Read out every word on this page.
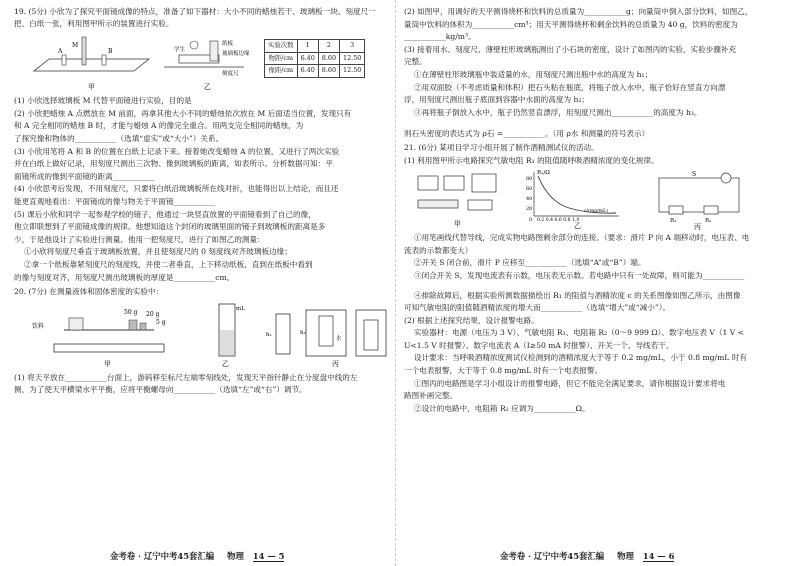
19. (5分) 小欣为了探究平面镜成像的特点，准备了如下器材：大小不同的蜡烛若干、玻璃板一块、刻度尺一把、白纸一张，利用图甲所示的装置进行实验。

M
A	B
甲
纸板
玻璃板边缘
刻度尺
学生
乙
实验次数	1	2	3
物距/cm	6.40	8.60	12.50
像距/cm	6.40	8.60	12.50

(1) 小欣选择玻璃板 M 代替平面镜进行实验，目的是

(2) 小欣把蜡烛 A 点燃放在 M 前面，再拿其他大小不同的蜡烛依次放在 M 后面适当位置，发现只有

和 A 完全相同的蜡烛 B 时，才能与蜡烛 A 的像完全重合。用两支完全相同的蜡烛，为

了探究像和物体的___________（选填“虚实”或“大小”）关系。

(3) 小欣用笔将 A 和 B 的位置在白纸上记录下来。接着她改变蜡烛 A 的位置，又进行了两次实验

并在白纸上做好记录，用刻度尺测出三次物、像到玻璃板的距离，如表所示。分析数据可知：平

面镜所成的像到平面镜的距离___________

(4) 小欣思考后发现，不用刻度尺，只要将白纸沿玻璃板所在线对折，也能得出以上结论，而且还

能更直观地看出：平面镜成的像与物关于平面镜___________

(5) 课后小欣和同学一起参观学校的镜子，他通过一块竖直放置的平面镜看到了自己的像，

他立即联想到了平面镜成像的规律。他想知道这个封闭的玻璃里面的镜子到玻璃板的距离是多

少，于是他设计了实验进行测量。他用一把刻度尺，进行了如图乙的测量：

①小欣将刻度尺垂直于玻璃板放置，并且使刻度尺的 0 刻度线对齐玻璃板边缘；

②拿一个纸板靠紧刻度尺的刻度线，并使二者垂直，上下移动纸板，直到在纸板中看到

的像与刻度对齐，用刻度尺测出玻璃板的厚度是___________cm。

20. (7分) 在测量液体和固体密度的实验中：

饮料
50 g 20 g
5 g
甲
mL
乙
h₁	h₂
水
丙

(1) 将天平放在___________台面上，游码移至标尺左端零刻线处，发现天平指针静止在分度盘中线的左

侧，为了使天平横梁水平平衡，应将平衡螺母向___________（选填“左”或“右”）调节。

金考卷 · 辽宁中考45套汇编 物理 14 — 5

(2) 如图甲，用调好的天平测得烧杯和饮料的总质量为___________g；向量筒中倒入部分饮料，如图乙，

量筒中饮料的体积为___________cm³；用天平测得烧杯和剩余饮料的总质量为 40 g，饮料的密度为

___________kg/m³。

(3) 接着用水、刻度尺、薄壁柱形玻璃瓶测出了小石块的密度，设计了如图丙的实验，实验步骤补充

完整。

①在薄壁柱形玻璃瓶中装适量的水，用刻度尺测出瓶中水的高度为 h₁；

②用双面胶（不考虑质量和体积）把石头粘在瓶底，将瓶子放入水中，瓶子恰好在竖直方向漂

浮，用刻度尺测出瓶子底面到容器中水面的高度为 h₂；

③再将瓶子倒放入水中，瓶子仍然竖直漂浮，用刻度尺测出___________的高度为 h₃。

则石头密度的表达式为 ρ石 =___________。（用 ρ水 和测量的符号表示）

21. (6分) 某项目学习小组开展了制作酒精测试仪的活动。

(1) 利用图甲所示电路探究气敏电阻 R₁ 的阻值随呼吸酒精浓度的变化规律。

甲
R₁/Ω
80
60
40
20
0 0.2 0.4 0.6 0.8 1.0
c/(mg/mL)
乙
S
R₁	R₂
丙

①用笔画线代替导线，完成实物电路图剩余部分的连接。（要求：滑片 P 向 A 端移动时，电压表、电

流表的示数都变大）

②开关 S 闭合前，滑片 P 应移至___________（选填“A”或“B”）端。

③闭合开关 S，发现电流表有示数，电压表无示数。若电路中只有一处故障，则可能为___________

④排除故障后，根据实验所测数据描绘出 R₁ 的阻值与酒精浓度 c 的关系图像如图乙所示，由图像

可知气敏电阻的阻值随酒精浓度的增大而___________（选填“增大”或“减小”）。

(2) 根据上述探究结果，设计报警电路。

实验器材：电源（电压为 3 V）、气敏电阻 R₁、电阻箱 R₂（0～9 999 Ω）、数字电压表 V（1 V <

U<1.5 V 时报警）、数字电流表 A（I≥50 mA 时报警）、开关一个、导线若干。

设计要求：当呼吸酒精浓度测试仪检测到的酒精浓度大于等于 0.2 mg/mL，小于 0.8 mg/mL 时有

一个电表报警，大于等于 0.8 mg/mL 时有一个电表报警。

①图丙的电路图是学习小组设计的报警电路，但它不能完全满足要求，请你根据设计要求将电

路图补画完整。

②设计的电路中，电阻箱 R₂ 应调为___________Ω。

金考卷 · 辽宁中考45套汇编 物理 14 — 6
